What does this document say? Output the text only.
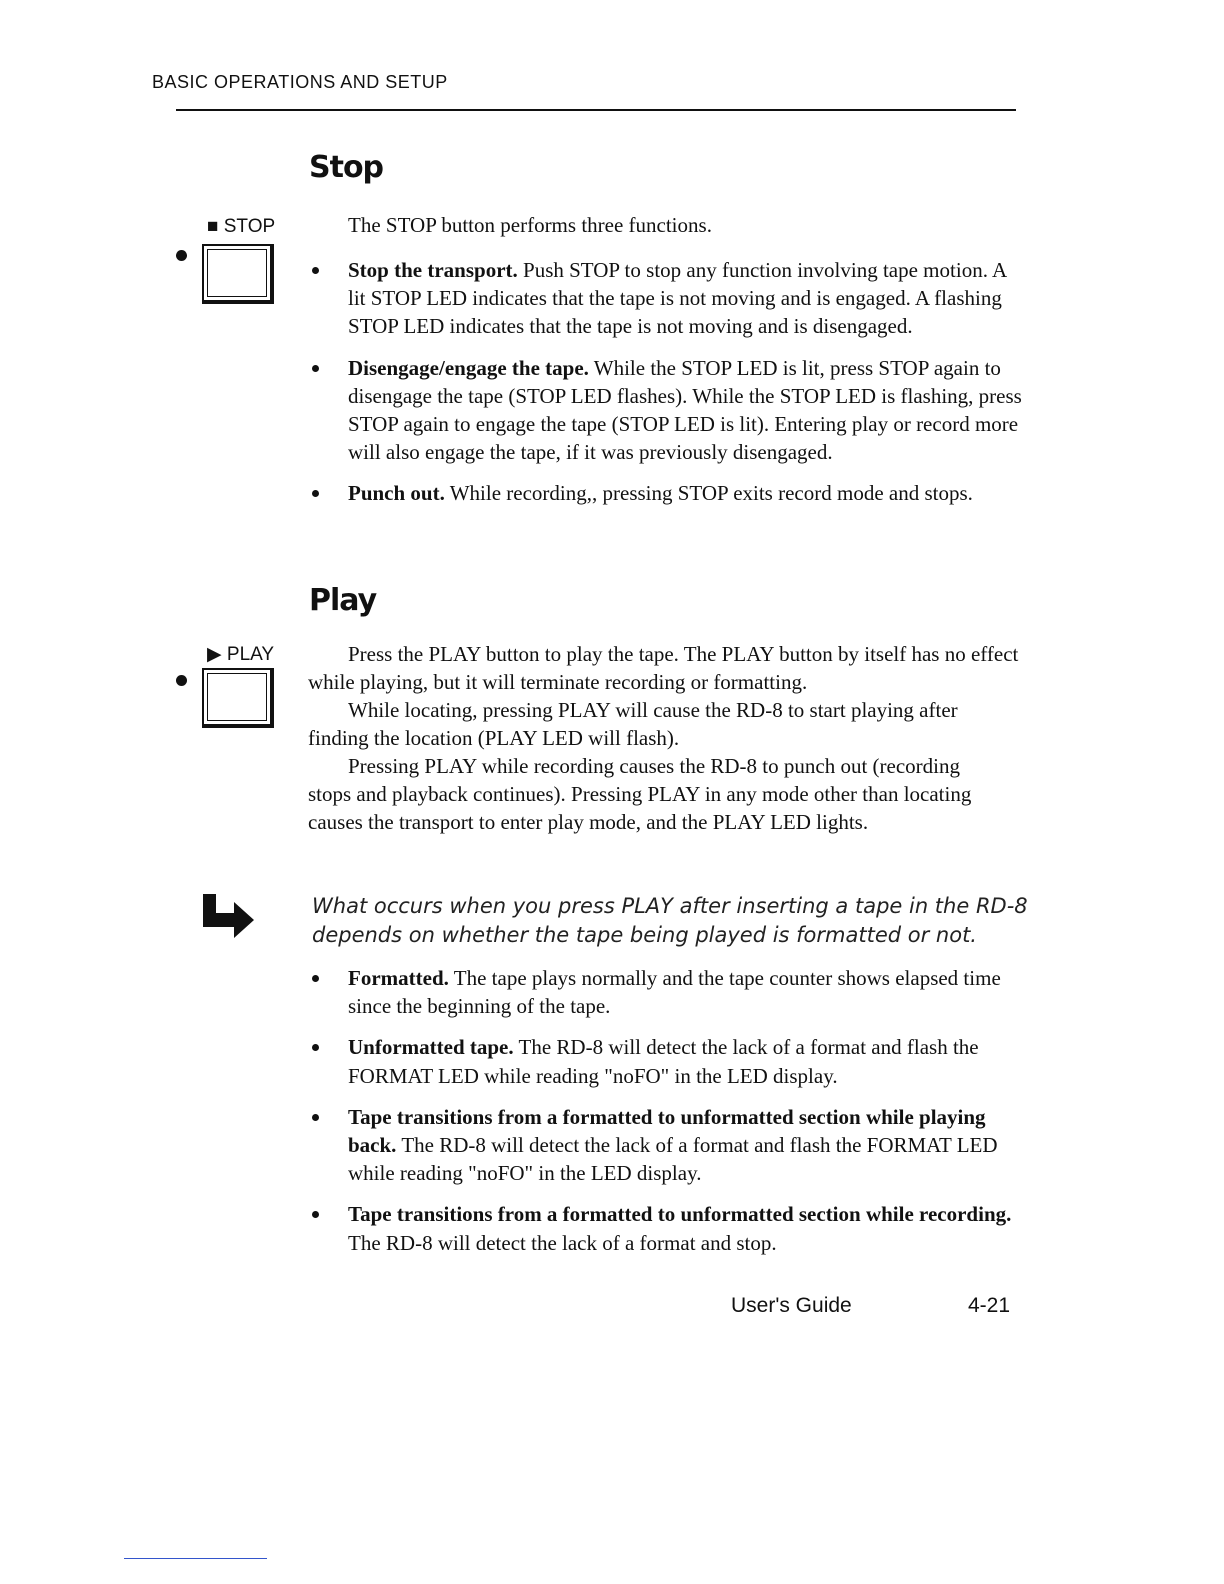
BASIC OPERATIONS AND SETUP
Stop
■ STOP	The STOP button performs three functions.
Stop the transport. Push STOP to stop any function involving tape motion. A lit STOP LED indicates that the tape is not moving and is engaged. A flashing STOP LED indicates that the tape is not moving and is disengaged.
Disengage/engage the tape. While the STOP LED is lit, press STOP again to disengage the tape (STOP LED flashes). While the STOP LED is flashing, press STOP again to engage the tape (STOP LED is lit). Entering play or record more will also engage the tape, if it was previously disengaged.
Punch out. While recording,, pressing STOP exits record mode and stops.
Play
▶ PLAY	Press the PLAY button to play the tape. The PLAY button by itself has no effect while playing, but it will terminate recording or formatting.
While locating, pressing PLAY will cause the RD-8 to start playing after finding the location (PLAY LED will flash).
Pressing PLAY while recording causes the RD-8 to punch out (recording stops and playback continues). Pressing PLAY in any mode other than locating causes the transport to enter play mode, and the PLAY LED lights.
What occurs when you press PLAY after inserting a tape in the RD-8 depends on whether the tape being played is formatted or not.
Formatted. The tape plays normally and the tape counter shows elapsed time since the beginning of the tape.
Unformatted tape. The RD-8 will detect the lack of a format and flash the FORMAT LED while reading "noFO" in the LED display.
Tape transitions from a formatted to unformatted section while playing back. The RD-8 will detect the lack of a format and flash the FORMAT LED while reading "noFO" in the LED display.
Tape transitions from a formatted to unformatted section while recording. The RD-8 will detect the lack of a format and stop.
User's Guide	4-21
